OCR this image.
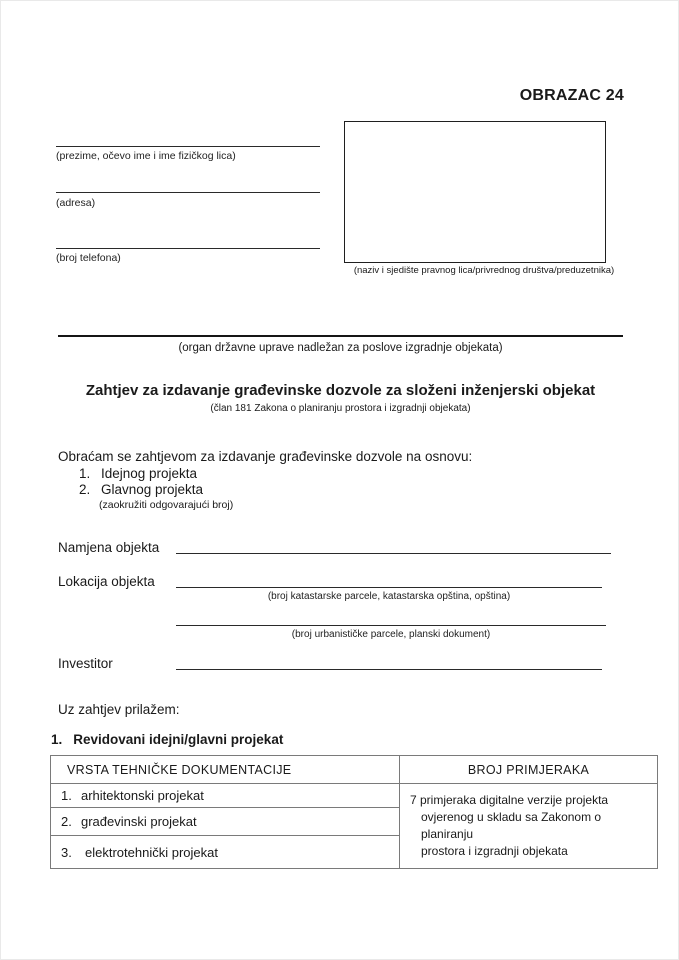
OBRAZAC 24
(prezime, očevo ime i ime fizičkog lica)
(adresa)
(broj telefona)
(naziv i sjedište pravnog lica/privrednog društva/preduzetnika)
(organ državne uprave nadležan za poslove izgradnje objekata)
Zahtjev za izdavanje građevinske dozvole za složeni inženjerski objekat
(član 181 Zakona o planiranju prostora i izgradnji objekata)
Obraćam se zahtjevom za izdavanje građevinske dozvole na osnovu:
1. Idejnog projekta
2. Glavnog projekta
(zaokružiti odgovarajući broj)
Namjena objekta
Lokacija objekta
(broj katastarske parcele, katastarska opština, opština)
(broj urbanističke parcele, planski dokument)
Investitor
Uz zahtjev prilažem:
1. Revidovani idejni/glavni projekat
VRSTA TEHNIČKE DOKUMENTACIJE	BROJ PRIMJERAKA
1. arhitektonski projekat	7 primjeraka digitalne verzije projekta
ovjerenog u skladu sa Zakonom o planiranju
prostora i izgradnji objekata

2. građevinski projekat	
3. elektrotehnički projekat	
